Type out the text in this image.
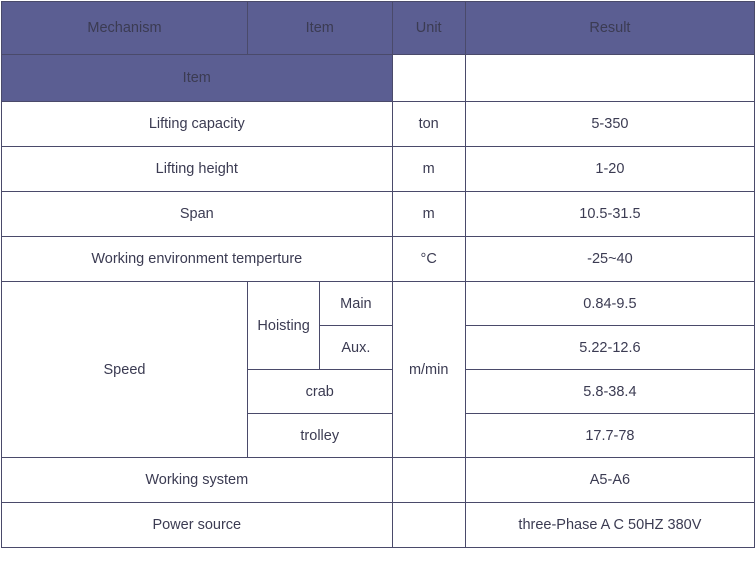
Mechanism	Item		Unit	Result
Item				
Lifting capacity			ton	5-350
Lifting height			m	1-20
Span			m	10.5-31.5
Working environment temperture			°C	-25~40
Speed	Hoisting	Main	m/min	0.84-9.5
		Aux.		5.22-12.6
	crab			5.8-38.4
	trolley			17.7-78
Working system				A5-A6
Power source				three-Phase A C 50HZ 380V
